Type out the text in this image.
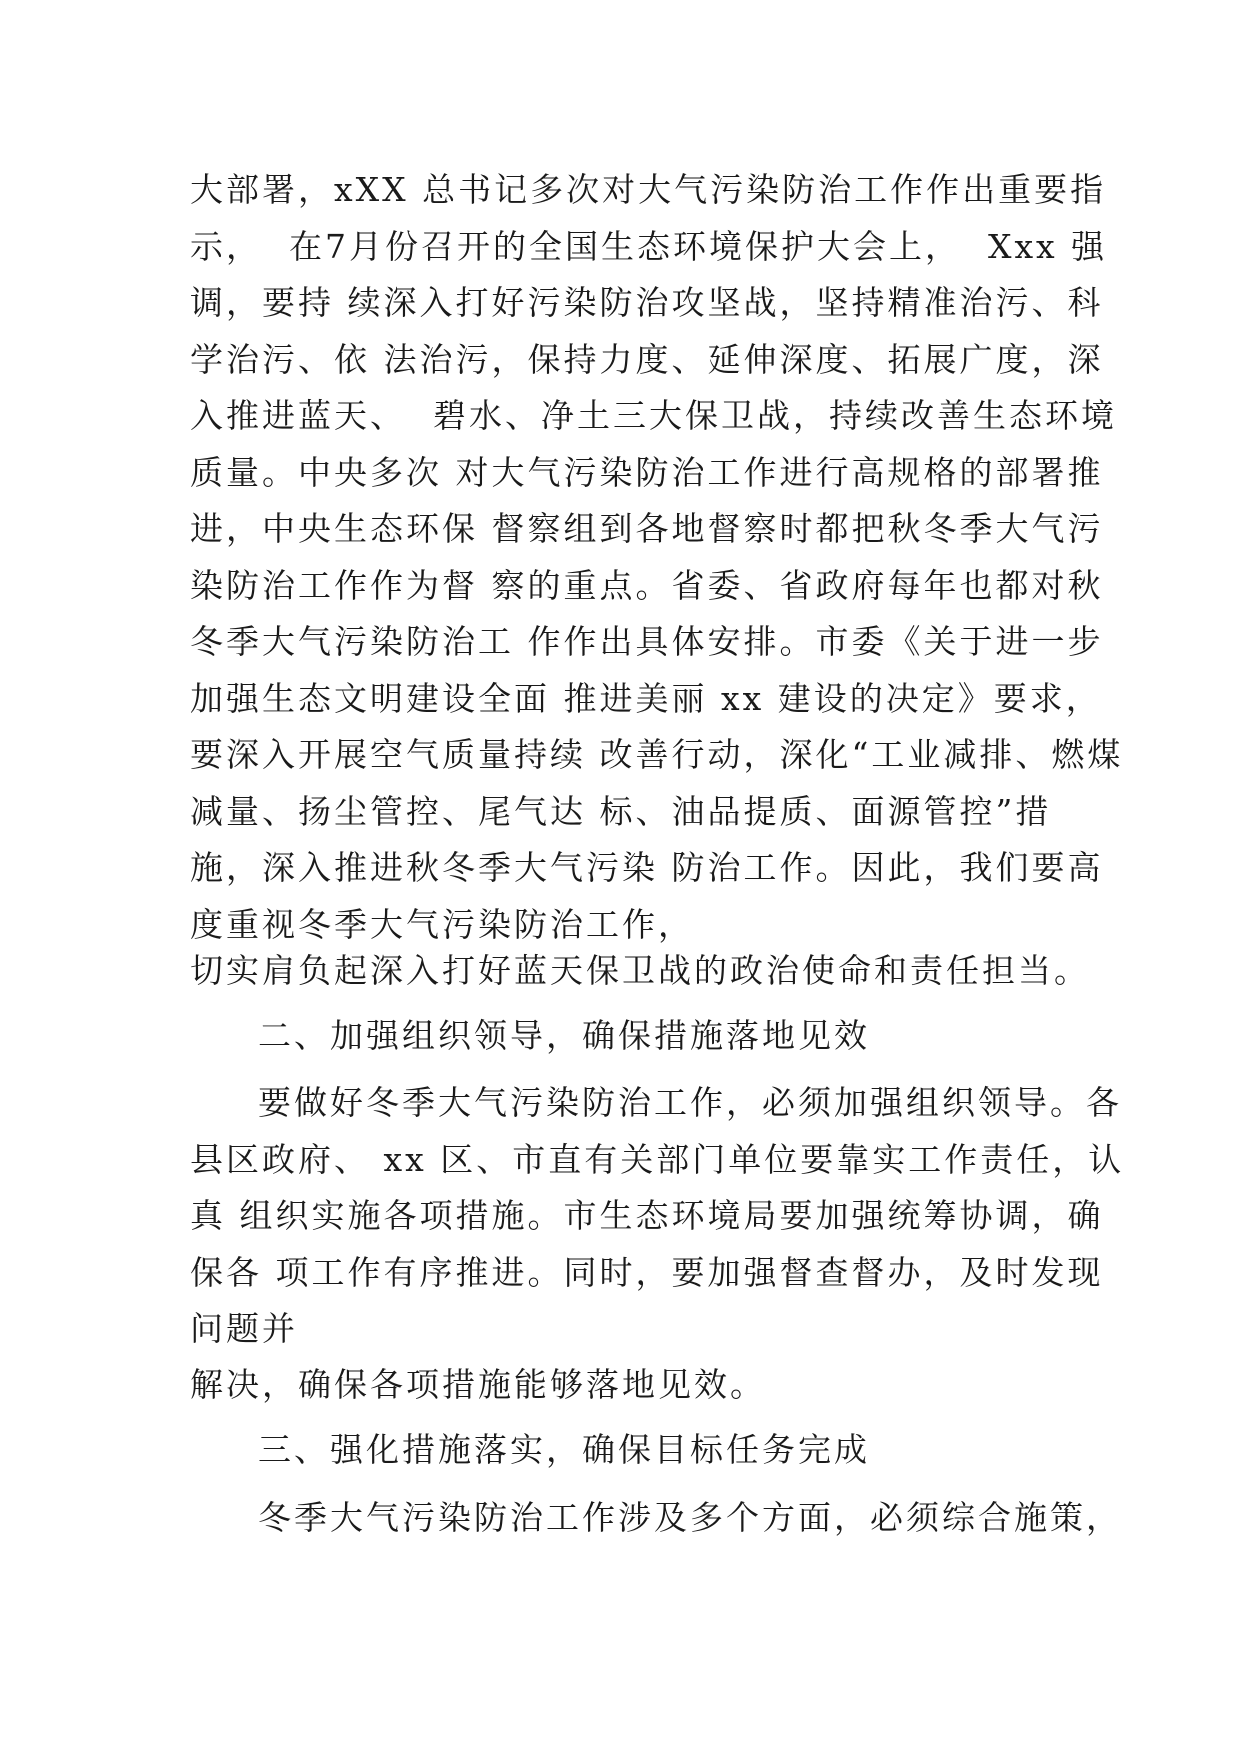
大部署，xXX 总书记多次对大气污染防治工作作出重要指
示，  在7月份召开的全国生态环境保护大会上，  Xxx 强
调，要持 续深入打好污染防治攻坚战，坚持精准治污、科
学治污、依 法治污，保持力度、延伸深度、拓展广度，深
入推进蓝天、  碧水、净土三大保卫战，持续改善生态环境
质量。中央多次 对大气污染防治工作进行高规格的部署推
进，中央生态环保 督察组到各地督察时都把秋冬季大气污
染防治工作作为督 察的重点。省委、省政府每年也都对秋
冬季大气污染防治工 作作出具体安排。市委《关于进一步
加强生态文明建设全面 推进美丽 xx 建设的决定》要求，
要深入开展空气质量持续 改善行动，深化“工业减排、燃煤
减量、扬尘管控、尾气达 标、油品提质、面源管控”措
施，深入推进秋冬季大气污染 防治工作。因此，我们要高
度重视冬季大气污染防治工作，
切实肩负起深入打好蓝天保卫战的政治使命和责任担当。
二、加强组织领导，确保措施落地见效
要做好冬季大气污染防治工作，必须加强组织领导。各
县区政府、 xx 区、市直有关部门单位要靠实工作责任，认
真 组织实施各项措施。市生态环境局要加强统筹协调，确
保各 项工作有序推进。同时，要加强督查督办，及时发现
问题并
解决，确保各项措施能够落地见效。
三、强化措施落实，确保目标任务完成
冬季大气污染防治工作涉及多个方面，必须综合施策，
